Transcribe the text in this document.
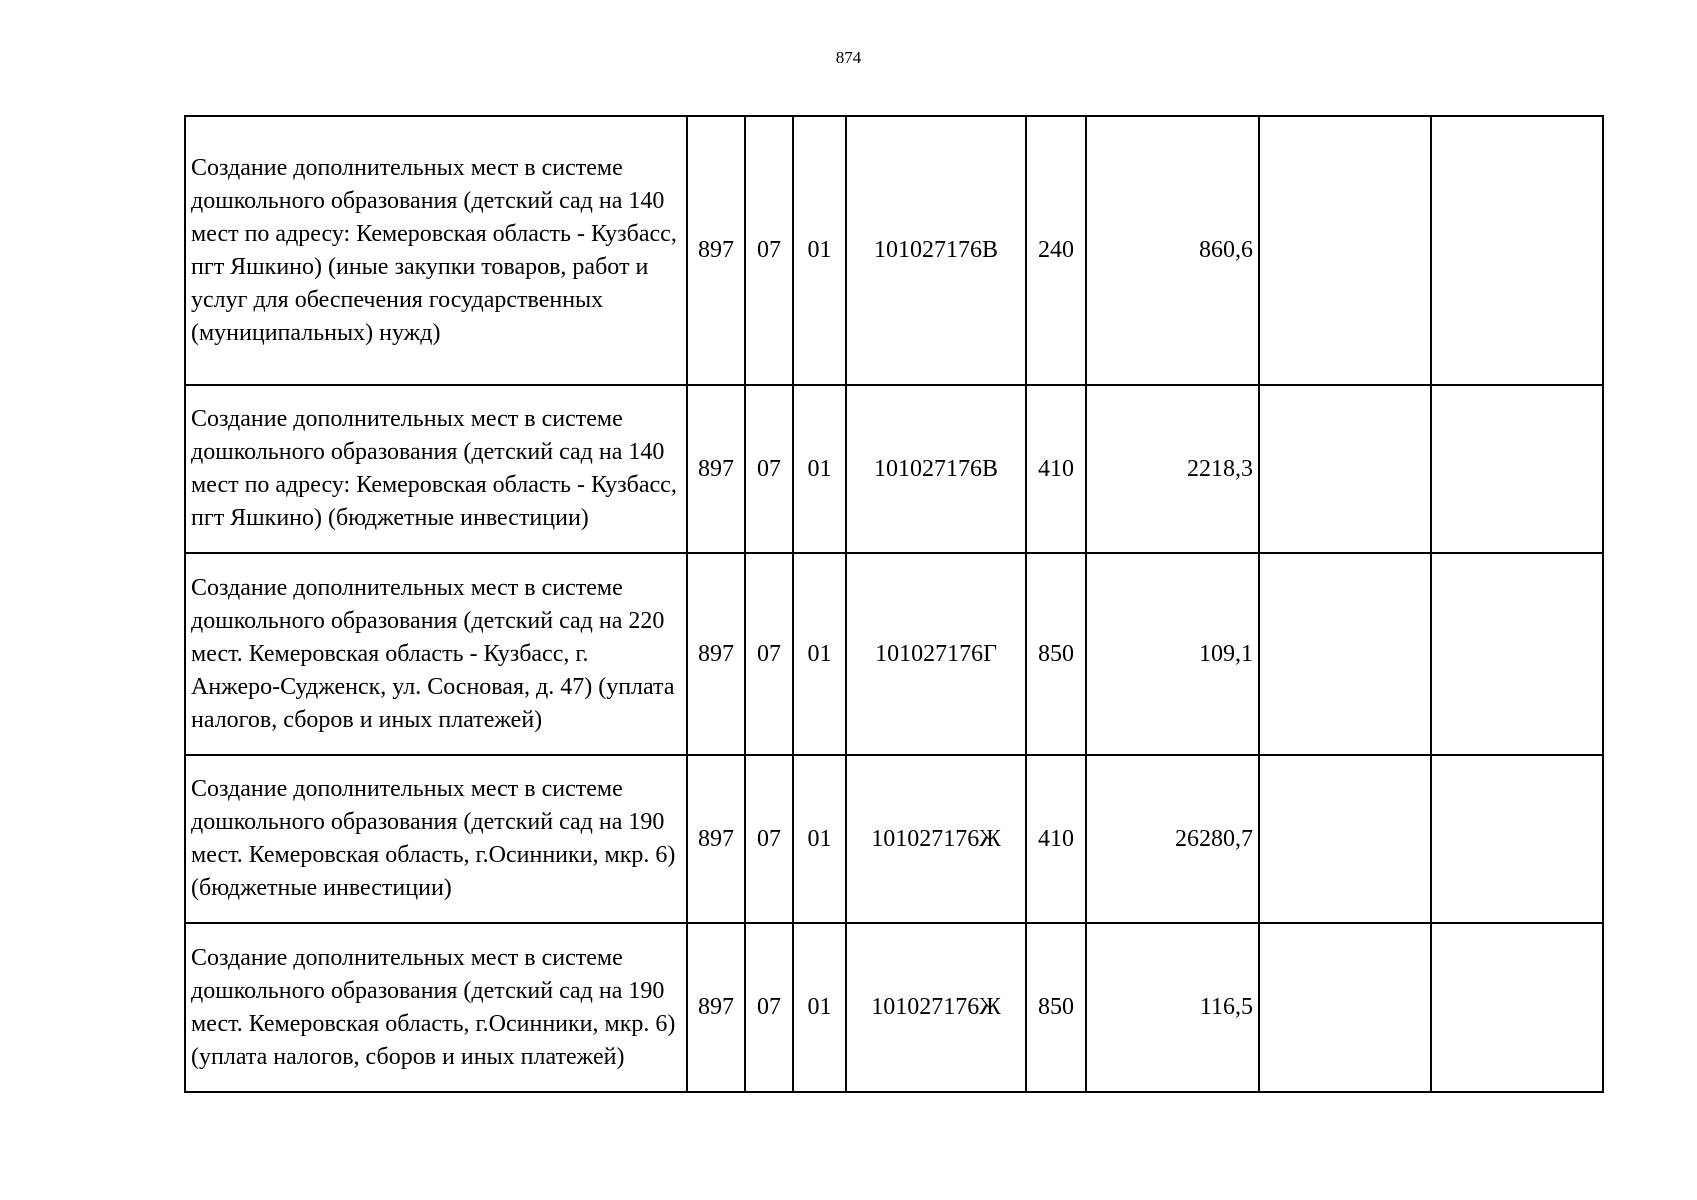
874
Создание дополнительных мест в системе дошкольного образования (детский сад на 140 мест по адресу: Кемеровская область - Кузбасс, пгт Яшкино) (иные закупки товаров, работ и услуг для обеспечения государственных (муниципальных) нужд)	897	07	01	101027176В	240	860,6		
Создание дополнительных мест в системе дошкольного образования (детский сад на 140 мест по адресу: Кемеровская область - Кузбасс, пгт Яшкино) (бюджетные инвестиции)	897	07	01	101027176В	410	2218,3		
Создание дополнительных мест в системе дошкольного образования (детский сад на 220 мест. Кемеровская область - Кузбасс, г. Анжеро-Судженск, ул. Сосновая, д. 47) (уплата налогов, сборов и иных платежей)	897	07	01	101027176Г	850	109,1		
Создание дополнительных мест в системе дошкольного образования (детский сад на 190 мест. Кемеровская область, г.Осинники, мкр. 6) (бюджетные инвестиции)	897	07	01	101027176Ж	410	26280,7		
Создание дополнительных мест в системе дошкольного образования (детский сад на 190 мест. Кемеровская область, г.Осинники, мкр. 6) (уплата налогов, сборов и иных платежей)	897	07	01	101027176Ж	850	116,5		
